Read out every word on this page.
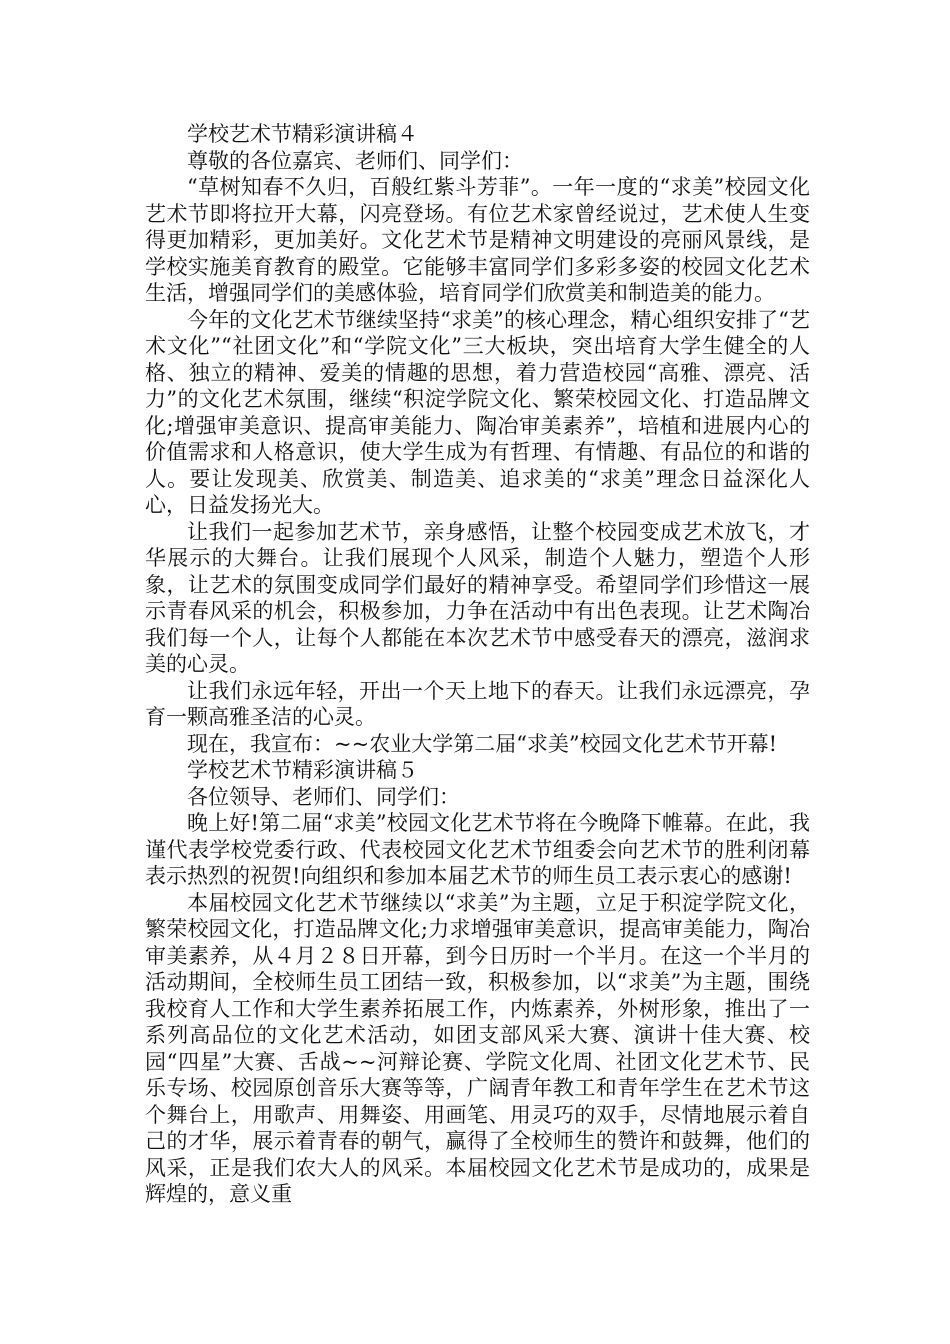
学校艺术节精彩演讲稿４

尊敬的各位嘉宾、老师们、同学们：

“草树知春不久归，百般红紫斗芳菲”。一年一度的“求美”校园文化艺术节即将拉开大幕，闪亮登场。有位艺术家曾经说过，艺术使人生变得更加精彩，更加美好。文化艺术节是精神文明建设的亮丽风景线，是学校实施美育教育的殿堂。它能够丰富同学们多彩多姿的校园文化艺术生活，增强同学们的美感体验，培育同学们欣赏美和制造美的能力。

今年的文化艺术节继续坚持“求美”的核心理念，精心组织安排了“艺术文化”“社团文化”和“学院文化”三大板块，突出培育大学生健全的人格、独立的精神、爱美的情趣的思想，着力营造校园“高雅、漂亮、活力”的文化艺术氛围，继续“积淀学院文化、繁荣校园文化、打造品牌文化;增强审美意识、提高审美能力、陶冶审美素养”，培植和进展内心的价值需求和人格意识，使大学生成为有哲理、有情趣、有品位的和谐的人。要让发现美、欣赏美、制造美、追求美的“求美”理念日益深化人心，日益发扬光大。

让我们一起参加艺术节，亲身感悟，让整个校园变成艺术放飞，才华展示的大舞台。让我们展现个人风采，制造个人魅力，塑造个人形象，让艺术的氛围变成同学们最好的精神享受。希望同学们珍惜这一展示青春风采的机会，积极参加，力争在活动中有出色表现。让艺术陶冶我们每一个人，让每个人都能在本次艺术节中感受春天的漂亮，滋润求美的心灵。

让我们永远年轻，开出一个天上地下的春天。让我们永远漂亮，孕育一颗高雅圣洁的心灵。

现在，我宣布：~~农业大学第二届“求美”校园文化艺术节开幕!

学校艺术节精彩演讲稿５

各位领导、老师们、同学们：

晚上好!第二届“求美”校园文化艺术节将在今晚降下帷幕。在此，我谨代表学校党委行政、代表校园文化艺术节组委会向艺术节的胜利闭幕表示热烈的祝贺!向组织和参加本届艺术节的师生员工表示衷心的感谢!

本届校园文化艺术节继续以“求美”为主题，立足于积淀学院文化，繁荣校园文化，打造品牌文化;力求增强审美意识，提高审美能力，陶冶审美素养，从４月２８日开幕，到今日历时一个半月。在这一个半月的活动期间，全校师生员工团结一致，积极参加，以“求美”为主题，围绕我校育人工作和大学生素养拓展工作，内炼素养，外树形象，推出了一系列高品位的文化艺术活动，如团支部风采大赛、演讲十佳大赛、校园“四星”大赛、舌战~~河辩论赛、学院文化周、社团文化艺术节、民乐专场、校园原创音乐大赛等等，广阔青年教工和青年学生在艺术节这个舞台上，用歌声、用舞姿、用画笔、用灵巧的双手，尽情地展示着自己的才华，展示着青春的朝气，赢得了全校师生的赞许和鼓舞，他们的风采，正是我们农大人的风采。本届校园文化艺术节是成功的，成果是辉煌的，意义重
